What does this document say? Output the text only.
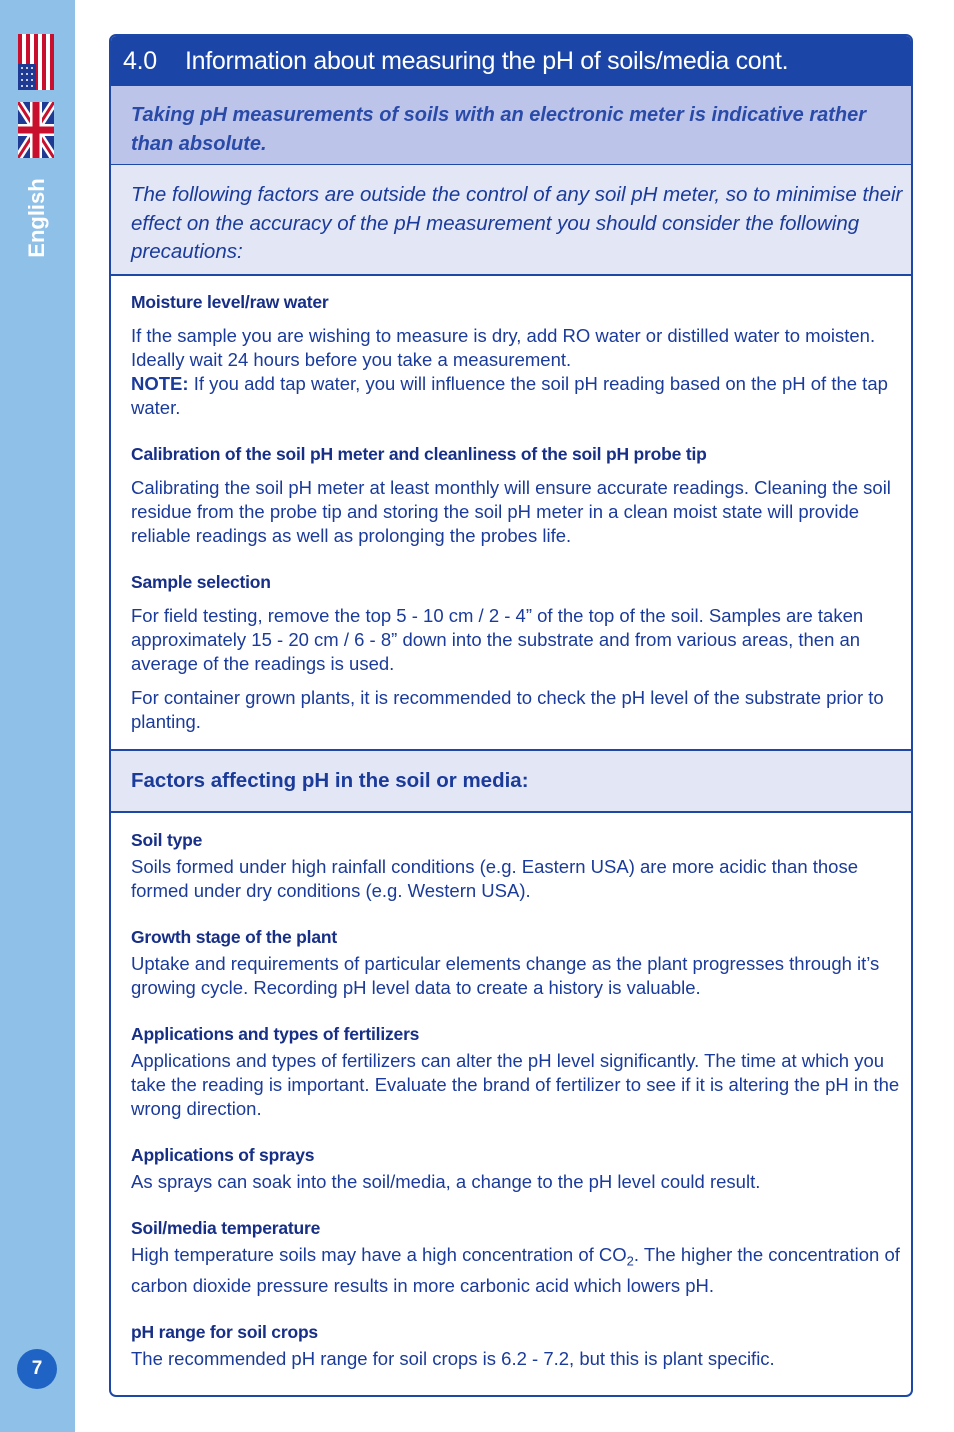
English
7
4.0 Information about measuring the pH of soils/media cont.
Taking pH measurements of soils with an electronic meter is indicative rather than absolute.
The following factors are outside the control of any soil pH meter, so to minimise their effect on the accuracy of the pH measurement you should consider the following precautions:
Moisture level/raw water

If the sample you are wishing to measure is dry, add RO water or distilled water to moisten. Ideally wait 24 hours before you take a measurement.
NOTE: If you add tap water, you will influence the soil pH reading based on the pH of the tap water.

Calibration of the soil pH meter and cleanliness of the soil pH probe tip

Calibrating the soil pH meter at least monthly will ensure accurate readings. Cleaning the soil residue from the probe tip and storing the soil pH meter in a clean moist state will provide reliable readings as well as prolonging the probes life.

Sample selection

For field testing, remove the top 5 - 10 cm / 2 - 4” of the top of the soil. Samples are taken approximately 15 - 20 cm / 6 - 8” down into the substrate and from various areas, then an average of the readings is used.

For container grown plants, it is recommended to check the pH level of the substrate prior to planting.

Factors affecting pH in the soil or media:
Soil type

Soils formed under high rainfall conditions (e.g. Eastern USA) are more acidic than those formed under dry conditions (e.g. Western USA).

Growth stage of the plant

Uptake and requirements of particular elements change as the plant progresses through it’s growing cycle. Recording pH level data to create a history is valuable.

Applications and types of fertilizers

Applications and types of fertilizers can alter the pH level significantly. The time at which you take the reading is important. Evaluate the brand of fertilizer to see if it is altering the pH in the wrong direction.

Applications of sprays

As sprays can soak into the soil/media, a change to the pH level could result.

Soil/media temperature

High temperature soils may have a high concentration of $CO_2$. The higher the concentration of carbon dioxide pressure results in more carbonic acid which lowers pH.

pH range for soil crops

The recommended pH range for soil crops is 6.2 - 7.2, but this is plant specific.
